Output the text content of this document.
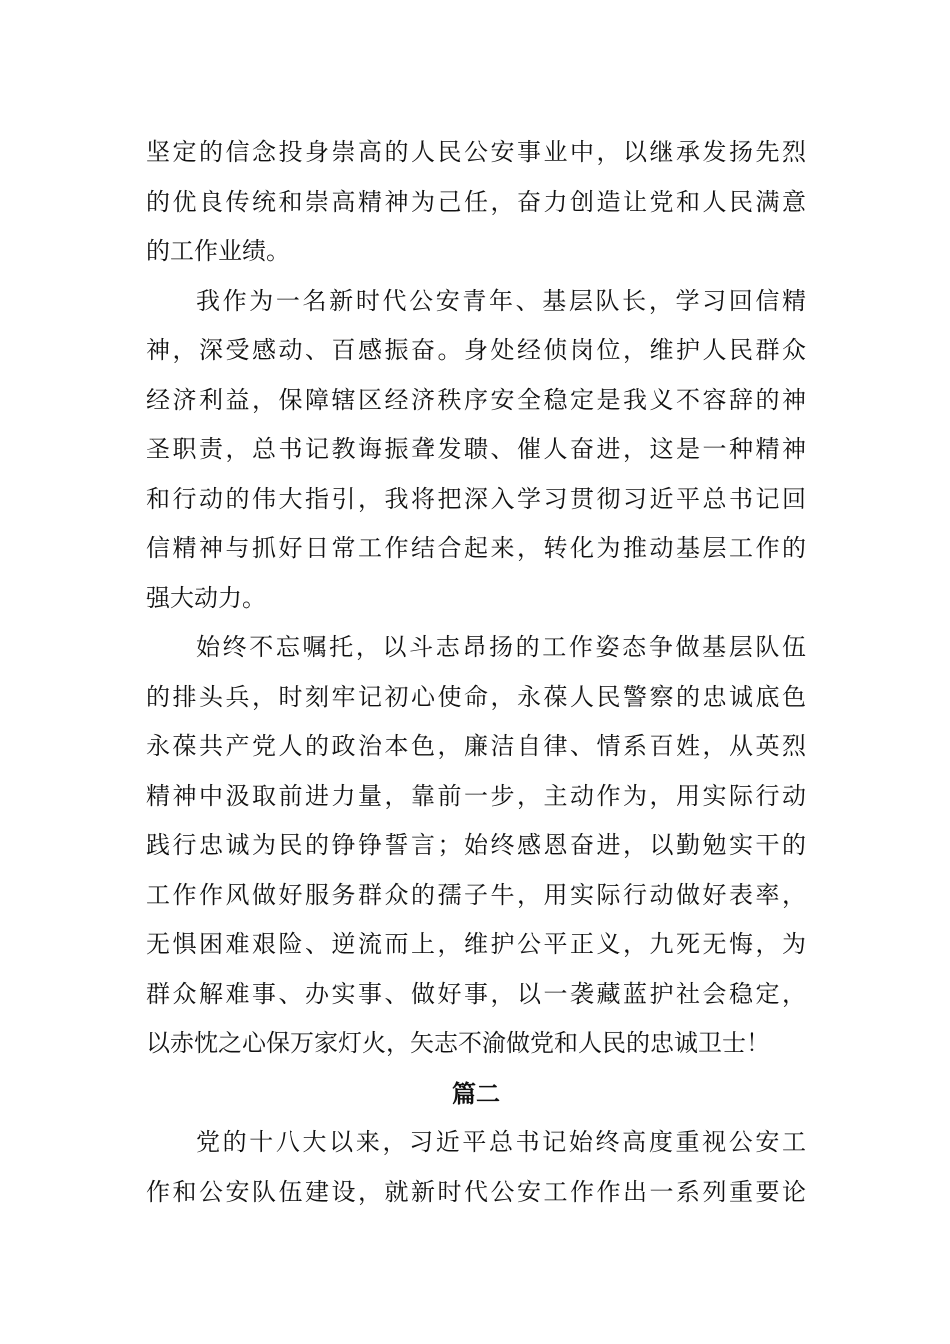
坚定的信念投身崇高的人民公安事业中，以继承发扬先烈
的优良传统和崇高精神为己任，奋力创造让党和人民满意
的工作业绩。
我作为一名新时代公安青年、基层队长，学习回信精
神，深受感动、百感振奋。身处经侦岗位，维护人民群众
经济利益，保障辖区经济秩序安全稳定是我义不容辞的神
圣职责，总书记教诲振聋发聩、催人奋进，这是一种精神
和行动的伟大指引，我将把深入学习贯彻习近平总书记回
信精神与抓好日常工作结合起来，转化为推动基层工作的
强大动力。
始终不忘嘱托，以斗志昂扬的工作姿态争做基层队伍
的排头兵，时刻牢记初心使命，永葆人民警察的忠诚底色
永葆共产党人的政治本色，廉洁自律、情系百姓，从英烈
精神中汲取前进力量，靠前一步，主动作为，用实际行动
践行忠诚为民的铮铮誓言；始终感恩奋进，以勤勉实干的
工作作风做好服务群众的孺子牛，用实际行动做好表率，
无惧困难艰险、逆流而上，维护公平正义，九死无悔，为
群众解难事、办实事、做好事，以一袭藏蓝护社会稳定，
以赤忱之心保万家灯火，矢志不渝做党和人民的忠诚卫士！
篇二
党的十八大以来，习近平总书记始终高度重视公安工
作和公安队伍建设，就新时代公安工作作出一系列重要论
